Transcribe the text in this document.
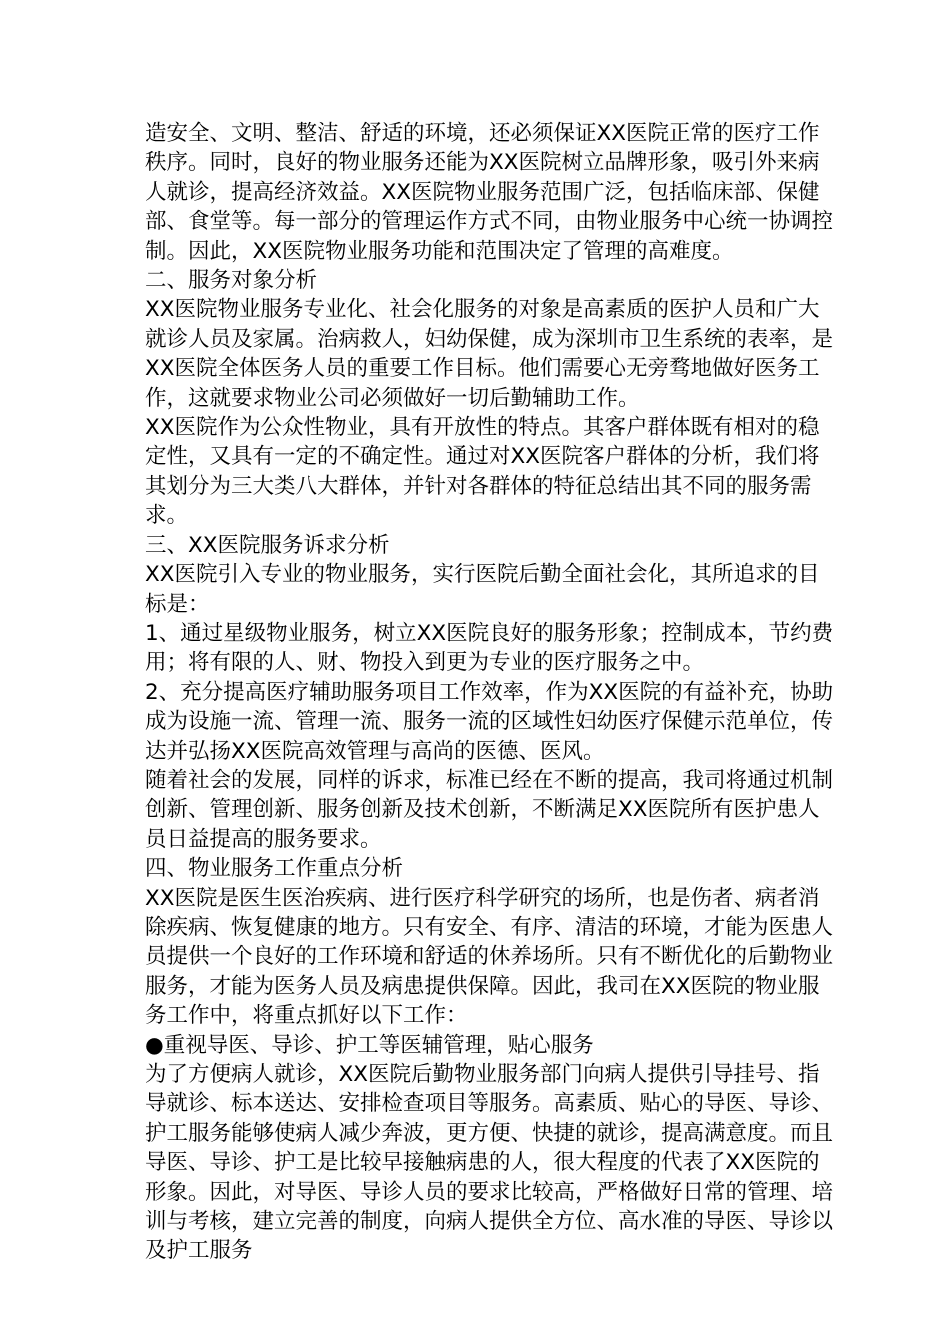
造安全、文明、整洁、舒适的环境，还必须保证XX医院正常的医疗工作秩序。同时，良好的物业服务还能为XX医院树立品牌形象，吸引外来病人就诊，提高经济效益。XX医院物业服务范围广泛，包括临床部、保健部、食堂等。每一部分的管理运作方式不同，由物业服务中心统一协调控制。因此，XX医院物业服务功能和范围决定了管理的高难度。

二、服务对象分析

XX医院物业服务专业化、社会化服务的对象是高素质的医护人员和广大就诊人员及家属。治病救人，妇幼保健，成为深圳市卫生系统的表率，是XX医院全体医务人员的重要工作目标。他们需要心无旁骛地做好医务工作，这就要求物业公司必须做好一切后勤辅助工作。

XX医院作为公众性物业，具有开放性的特点。其客户群体既有相对的稳定性，又具有一定的不确定性。通过对XX医院客户群体的分析，我们将其划分为三大类八大群体，并针对各群体的特征总结出其不同的服务需求。

三、XX医院服务诉求分析

XX医院引入专业的物业服务，实行医院后勤全面社会化，其所追求的目标是：

1、通过星级物业服务，树立XX医院良好的服务形象；控制成本，节约费用；将有限的人、财、物投入到更为专业的医疗服务之中。

2、充分提高医疗辅助服务项目工作效率，作为XX医院的有益补充，协助成为设施一流、管理一流、服务一流的区域性妇幼医疗保健示范单位，传达并弘扬XX医院高效管理与高尚的医德、医风。

随着社会的发展，同样的诉求，标准已经在不断的提高，我司将通过机制创新、管理创新、服务创新及技术创新，不断满足XX医院所有医护患人员日益提高的服务要求。

四、物业服务工作重点分析

XX医院是医生医治疾病、进行医疗科学研究的场所，也是伤者、病者消除疾病、恢复健康的地方。只有安全、有序、清洁的环境，才能为医患人员提供一个良好的工作环境和舒适的休养场所。只有不断优化的后勤物业服务，才能为医务人员及病患提供保障。因此，我司在XX医院的物业服务工作中，将重点抓好以下工作：

●重视导医、导诊、护工等医辅管理，贴心服务

为了方便病人就诊，XX医院后勤物业服务部门向病人提供引导挂号、指导就诊、标本送达、安排检查项目等服务。高素质、贴心的导医、导诊、护工服务能够使病人减少奔波，更方便、快捷的就诊，提高满意度。而且导医、导诊、护工是比较早接触病患的人，很大程度的代表了XX医院的形象。因此，对导医、导诊人员的要求比较高，严格做好日常的管理、培训与考核，建立完善的制度，向病人提供全方位、高水准的导医、导诊以及护工服务
